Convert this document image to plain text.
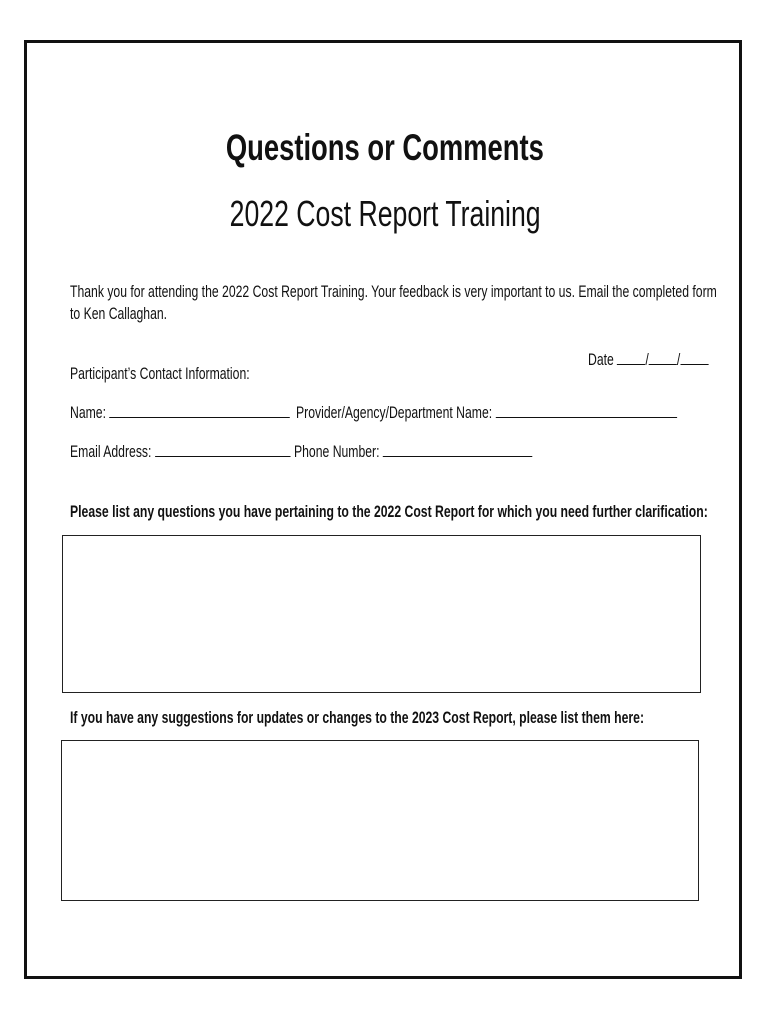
Questions or Comments
2022 Cost Report Training
Thank you for attending the 2022 Cost Report Training. Your feedback is very important to us. Email the completed form
to Ken Callaghan.
Date / /
Participant’s Contact Information:
Name:	Provider/Agency/Department Name:
Email Address:	Phone Number:
Please list any questions you have pertaining to the 2022 Cost Report for which you need further clarification:
If you have any suggestions for updates or changes to the 2023 Cost Report, please list them here:
